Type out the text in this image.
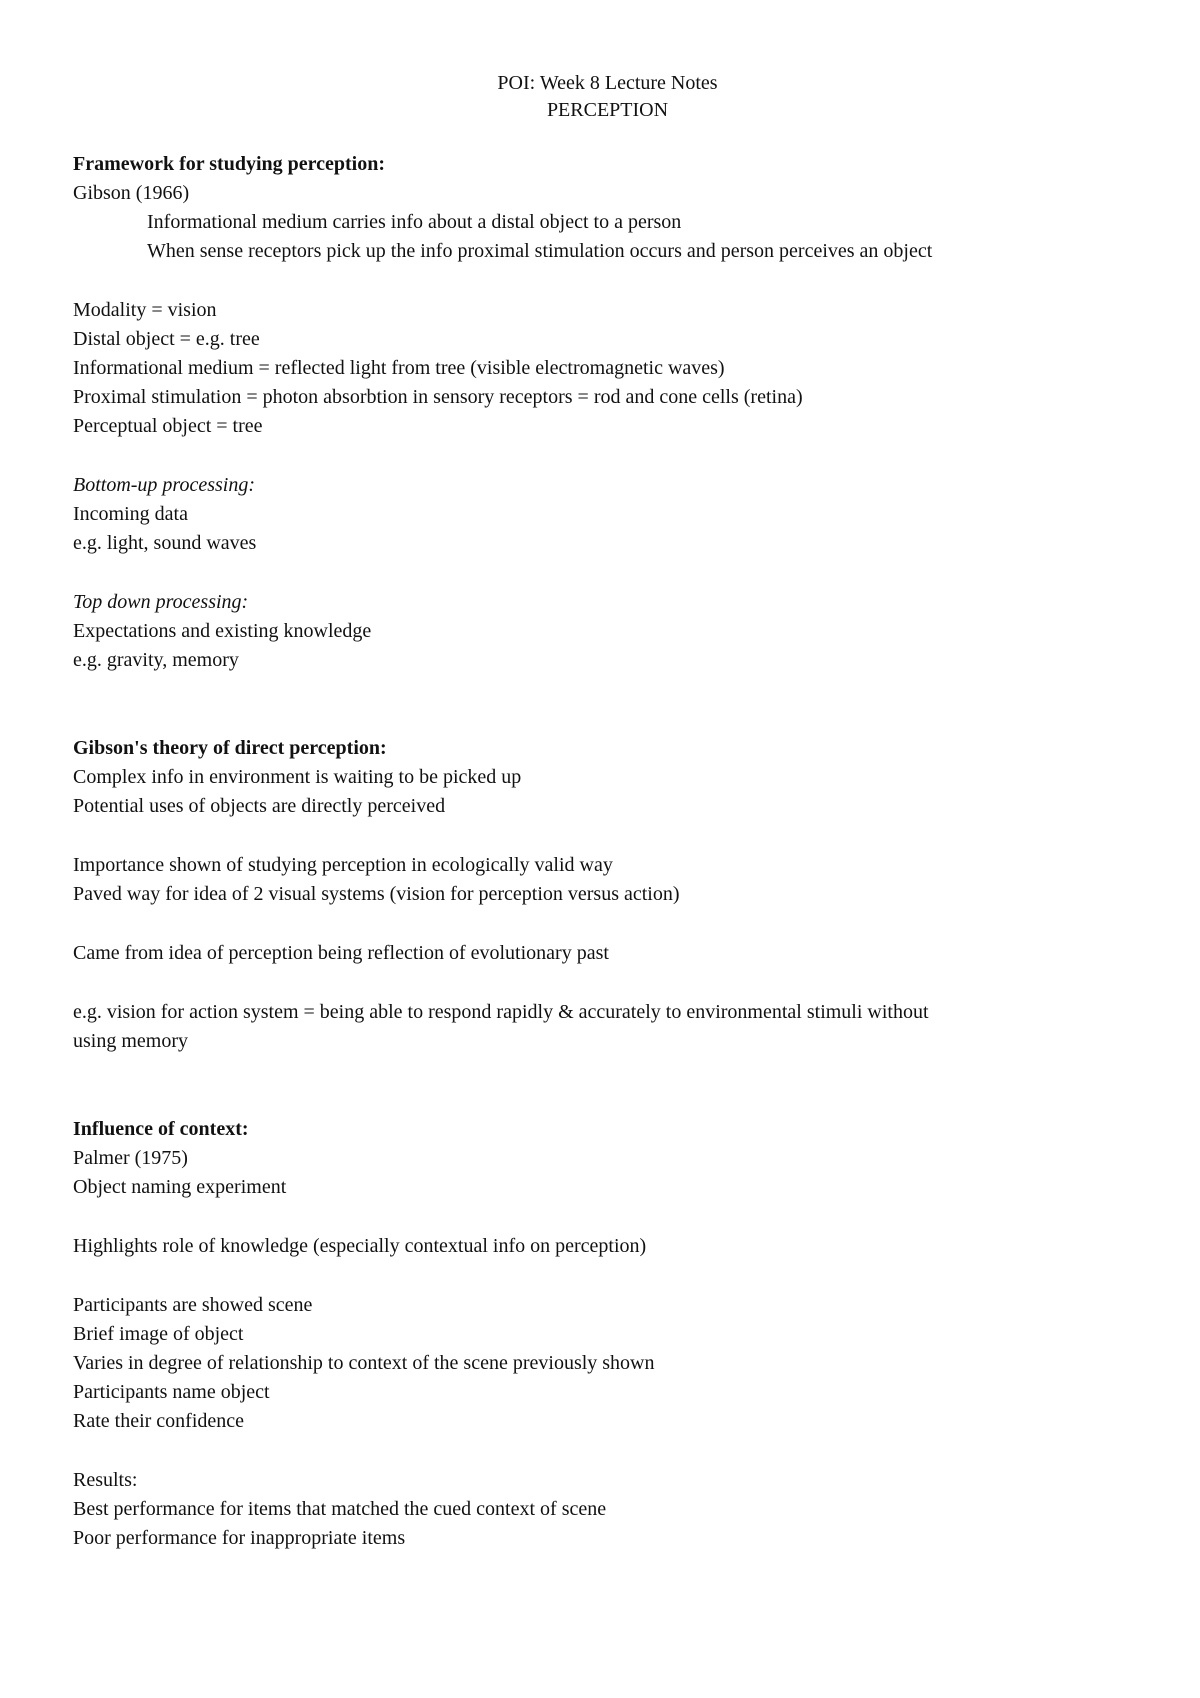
POI: Week 8 Lecture Notes
PERCEPTION
Framework for studying perception:
Gibson (1966)
Informational medium carries info about a distal object to a person
When sense receptors pick up the info proximal stimulation occurs and person perceives an object
Modality = vision
Distal object = e.g. tree
Informational medium = reflected light from tree (visible electromagnetic waves)
Proximal stimulation = photon absorbtion in sensory receptors = rod and cone cells (retina)
Perceptual object = tree
Bottom-up processing:
Incoming data
e.g. light, sound waves
Top down processing:
Expectations and existing knowledge
e.g. gravity, memory
Gibson's theory of direct perception:
Complex info in environment is waiting to be picked up
Potential uses of objects are directly perceived
Importance shown of studying perception in ecologically valid way
Paved way for idea of 2 visual systems (vision for perception versus action)
Came from idea of perception being reflection of evolutionary past
e.g. vision for action system = being able to respond rapidly & accurately to environmental stimuli without
using memory
Influence of context:
Palmer (1975)
Object naming experiment
Highlights role of knowledge (especially contextual info on perception)
Participants are showed scene
Brief image of object
Varies in degree of relationship to context of the scene previously shown
Participants name object
Rate their confidence
Results:
Best performance for items that matched the cued context of scene
Poor performance for inappropriate items
